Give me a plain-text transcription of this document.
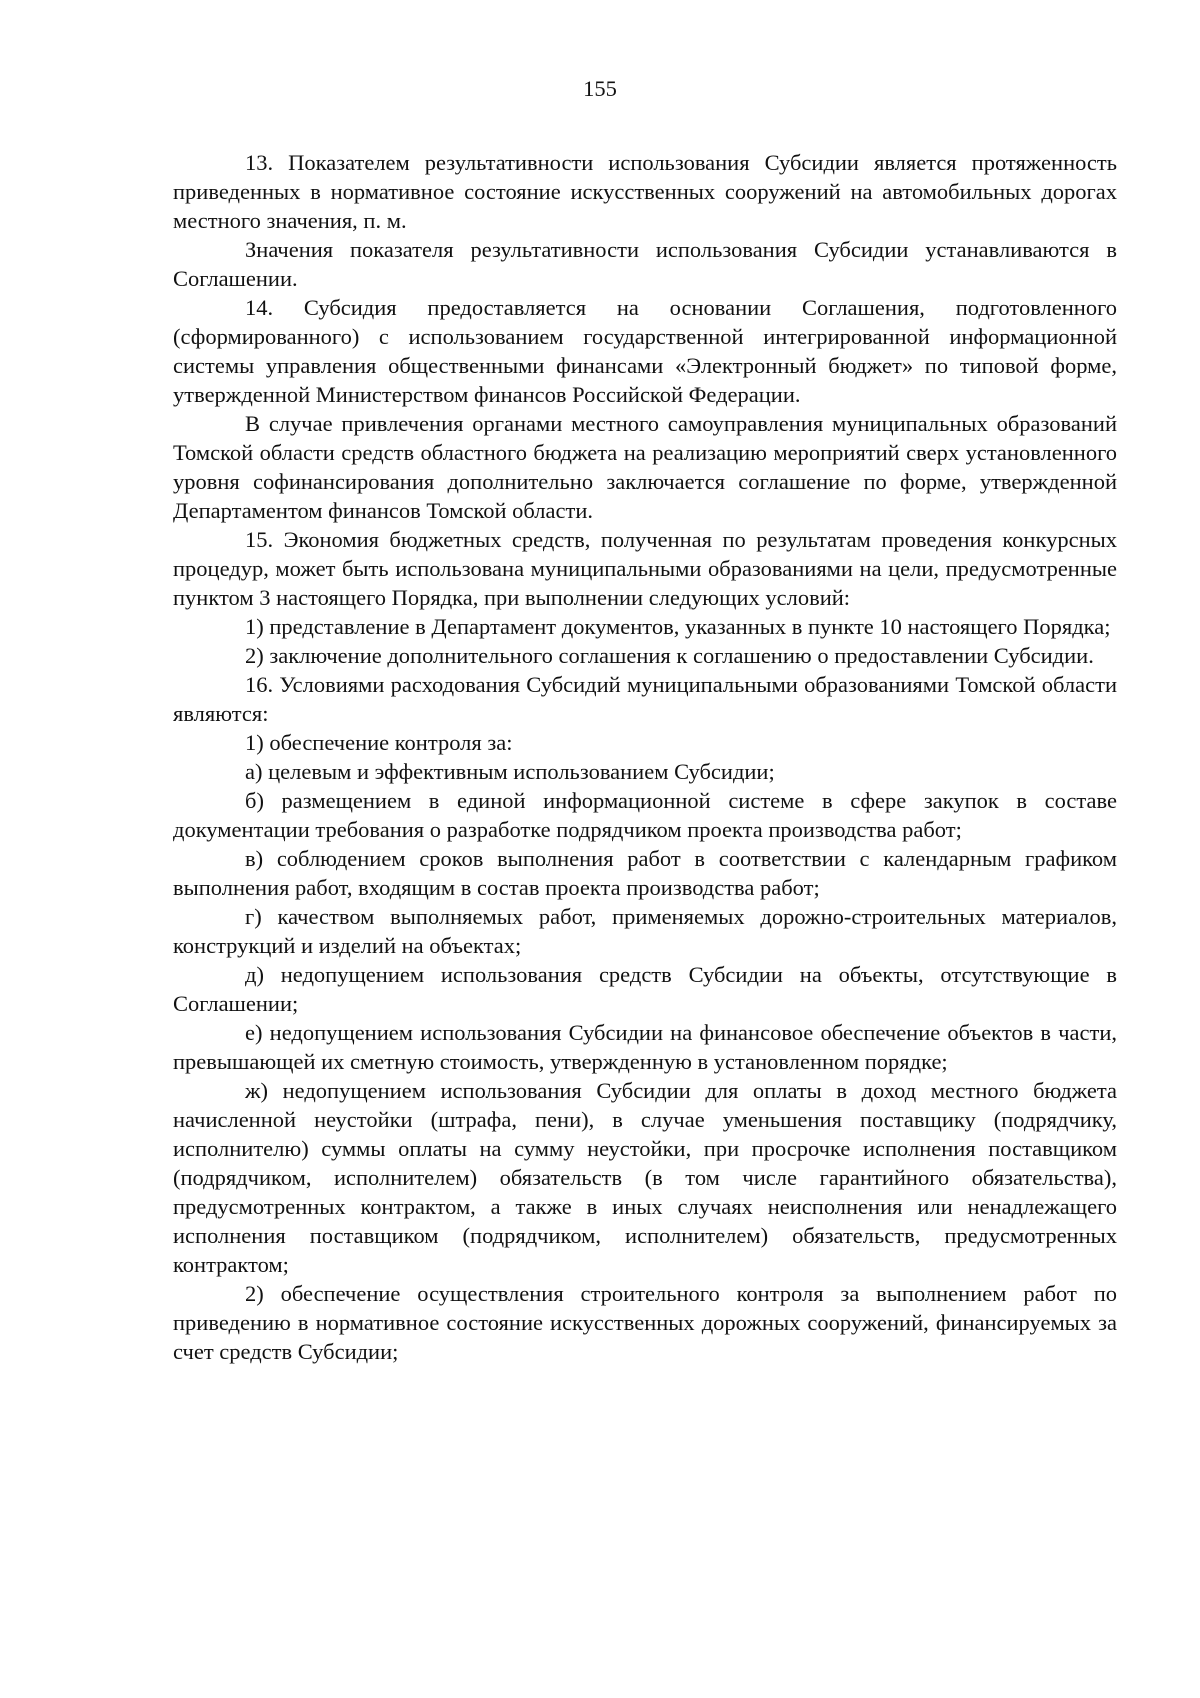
155

13. Показателем результативности использования Субсидии является протяженность приведенных в нормативное состояние искусственных сооружений на автомобильных дорогах местного значения, п. м.

Значения показателя результативности использования Субсидии устанавливаются в Соглашении.

14. Субсидия предоставляется на основании Соглашения, подготовленного (сформированного) с использованием государственной интегрированной информационной системы управления общественными финансами «Электронный бюджет» по типовой форме, утвержденной Министерством финансов Российской Федерации.

В случае привлечения органами местного самоуправления муниципальных образований Томской области средств областного бюджета на реализацию мероприятий сверх установленного уровня софинансирования дополнительно заключается соглашение по форме, утвержденной Департаментом финансов Томской области.

15. Экономия бюджетных средств, полученная по результатам проведения конкурсных процедур, может быть использована муниципальными образованиями на цели, предусмотренные пунктом 3 настоящего Порядка, при выполнении следующих условий:

1) представление в Департамент документов, указанных в пункте 10 настоящего Порядка;

2) заключение дополнительного соглашения к соглашению о предоставлении Субсидии.

16. Условиями расходования Субсидий муниципальными образованиями Томской области являются:

1) обеспечение контроля за:

а) целевым и эффективным использованием Субсидии;

б) размещением в единой информационной системе в сфере закупок в составе документации требования о разработке подрядчиком проекта производства работ;

в) соблюдением сроков выполнения работ в соответствии с календарным графиком выполнения работ, входящим в состав проекта производства работ;

г) качеством выполняемых работ, применяемых дорожно-строительных материалов, конструкций и изделий на объектах;

д) недопущением использования средств Субсидии на объекты, отсутствующие в Соглашении;

е) недопущением использования Субсидии на финансовое обеспечение объектов в части, превышающей их сметную стоимость, утвержденную в установленном порядке;

ж) недопущением использования Субсидии для оплаты в доход местного бюджета начисленной неустойки (штрафа, пени), в случае уменьшения поставщику (подрядчику, исполнителю) суммы оплаты на сумму неустойки, при просрочке исполнения поставщиком (подрядчиком, исполнителем) обязательств (в том числе гарантийного обязательства), предусмотренных контрактом, а также в иных случаях неисполнения или ненадлежащего исполнения поставщиком (подрядчиком, исполнителем) обязательств, предусмотренных контрактом;

2) обеспечение осуществления строительного контроля за выполнением работ по приведению в нормативное состояние искусственных дорожных сооружений, финансируемых за счет средств Субсидии;
